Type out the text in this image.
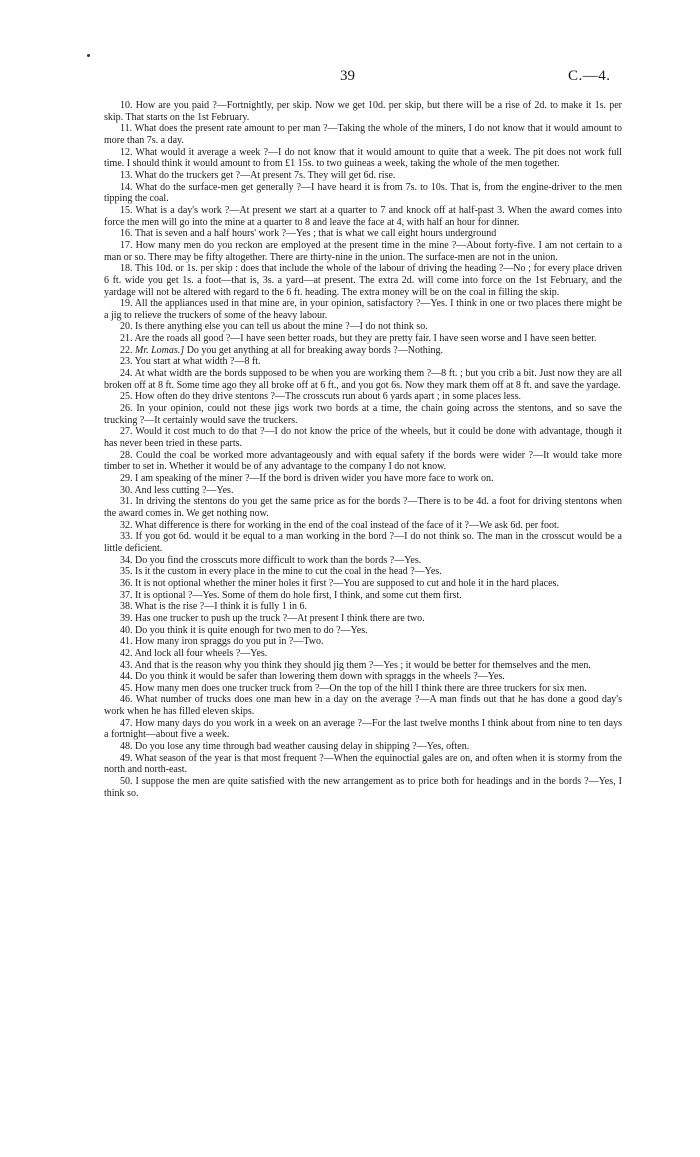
39	C.—4.

10. How are you paid ?—Fortnightly, per skip. Now we get 10d. per skip, but there will be a rise of 2d. to make it 1s. per skip. That starts on the 1st February.

11. What does the present rate amount to per man ?—Taking the whole of the miners, I do not know that it would amount to more than 7s. a day.

12. What would it average a week ?—I do not know that it would amount to quite that a week. The pit does not work full time. I should think it would amount to from £1 15s. to two guineas a week, taking the whole of the men together.

13. What do the truckers get ?—At present 7s. They will get 6d. rise.

14. What do the surface-men get generally ?—I have heard it is from 7s. to 10s. That is, from the engine-driver to the men tipping the coal.

15. What is a day's work ?—At present we start at a quarter to 7 and knock off at half-past 3. When the award comes into force the men will go into the mine at a quarter to 8 and leave the face at 4, with half an hour for dinner.

16. That is seven and a half hours' work ?—Yes ; that is what we call eight hours underground

17. How many men do you reckon are employed at the present time in the mine ?—About forty-five. I am not certain to a man or so. There may be fifty altogether. There are thirty-nine in the union. The surface-men are not in the union.

18. This 10d. or 1s. per skip : does that include the whole of the labour of driving the heading ?—No ; for every place driven 6 ft. wide you get 1s. a foot—that is, 3s. a yard—at present. The extra 2d. will come into force on the 1st February, and the yardage will not be altered with regard to the 6 ft. heading. The extra money will be on the coal in filling the skip.

19. All the appliances used in that mine are, in your opinion, satisfactory ?—Yes. I think in one or two places there might be a jig to relieve the truckers of some of the heavy labour.

20. Is there anything else you can tell us about the mine ?—I do not think so.

21. Are the roads all good ?—I have seen better roads, but they are pretty fair. I have seen worse and I have seen better.

22. Mr. Lomas.] Do you get anything at all for breaking away bords ?—Nothing.

23. You start at what width ?—8 ft.

24. At what width are the bords supposed to be when you are working them ?—8 ft. ; but you crib a bit. Just now they are all broken off at 8 ft. Some time ago they all broke off at 6 ft., and you got 6s. Now they mark them off at 8 ft. and save the yardage.

25. How often do they drive stentons ?—The crosscuts run about 6 yards apart ; in some places less.

26. In your opinion, could not these jigs work two bords at a time, the chain going across the stentons, and so save the trucking ?—It certainly would save the truckers.

27. Would it cost much to do that ?—I do not know the price of the wheels, but it could be done with advantage, though it has never been tried in these parts.

28. Could the coal be worked more advantageously and with equal safety if the bords were wider ?—It would take more timber to set in. Whether it would be of any advantage to the company I do not know.

29. I am speaking of the miner ?—If the bord is driven wider you have more face to work on.

30. And less cutting ?—Yes.

31. In driving the stentons do you get the same price as for the bords ?—There is to be 4d. a foot for driving stentons when the award comes in. We get nothing now.

32. What difference is there for working in the end of the coal instead of the face of it ?—We ask 6d. per foot.

33. If you got 6d. would it be equal to a man working in the bord ?—I do not think so. The man in the crosscut would be a little deficient.

34. Do you find the crosscuts more difficult to work than the bords ?—Yes.

35. Is it the custom in every place in the mine to cut the coal in the head ?—Yes.

36. It is not optional whether the miner holes it first ?—You are supposed to cut and hole it in the hard places.

37. It is optional ?—Yes. Some of them do hole first, I think, and some cut them first.

38. What is the rise ?—I think it is fully 1 in 6.

39. Has one trucker to push up the truck ?—At present I think there are two.

40. Do you think it is quite enough for two men to do ?—Yes.

41. How many iron spraggs do you put in ?—Two.

42. And lock all four wheels ?—Yes.

43. And that is the reason why you think they should jig them ?—Yes ; it would be better for themselves and the men.

44. Do you think it would be safer than lowering them down with spraggs in the wheels ?—Yes.

45. How many men does one trucker truck from ?—On the top of the hill I think there are three truckers for six men.

46. What number of trucks does one man hew in a day on the average ?—A man finds out that he has done a good day's work when he has filled eleven skips.

47. How many days do you work in a week on an average ?—For the last twelve months I think about from nine to ten days a fortnight—about five a week.

48. Do you lose any time through bad weather causing delay in shipping ?—Yes, often.

49. What season of the year is that most frequent ?—When the equinoctial gales are on, and often when it is stormy from the north and north-east.

50. I suppose the men are quite satisfied with the new arrangement as to price both for headings and in the bords ?—Yes, I think so.
